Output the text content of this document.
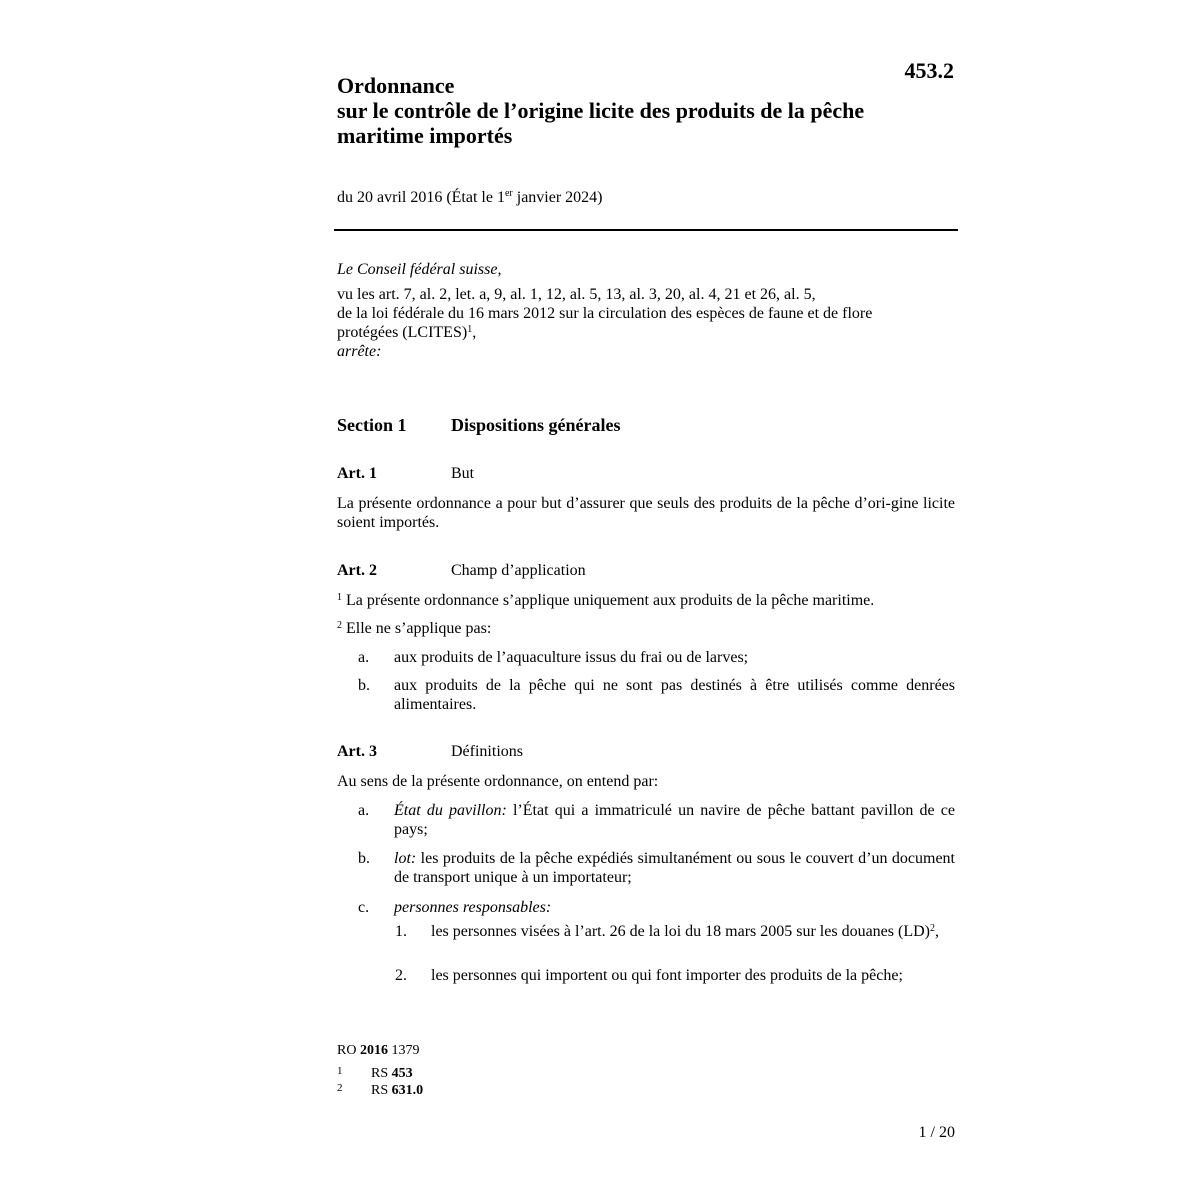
453.2
Ordonnance
sur le contrôle de l’origine licite des produits de la pêche
maritime importés
du 20 avril 2016 (État le 1er janvier 2024)

Le Conseil fédéral suisse,

vu les art. 7, al. 2, let. a, 9, al. 1, 12, al. 5, 13, al. 3, 20, al. 4, 21 et 26, al. 5,

de la loi fédérale du 16 mars 2012 sur la circulation des espèces de faune et de flore

protégées (LCITES)$^1$,

arrête:

Section 1 Dispositions générales
Art. 1	But
La présente ordonnance a pour but d’assurer que seuls des produits de la pêche d’ori-gine licite soient importés.
Art. 2	Champ d’application
$^1$ La présente ordonnance s’applique uniquement aux produits de la pêche maritime.
$^2$ Elle ne s’applique pas:
a. aux produits de l’aquaculture issus du frai ou de larves;
b. aux produits de la pêche qui ne sont pas destinés à être utilisés comme denrées alimentaires.
Art. 3	Définitions
Au sens de la présente ordonnance, on entend par:
a. État du pavillon: l’État qui a immatriculé un navire de pêche battant pavillon de ce pays;
b. lot: les produits de la pêche expédiés simultanément ou sous le couvert d’un document de transport unique à un importateur;
c. personnes responsables:
1. les personnes visées à l’art. 26 de la loi du 18 mars 2005 sur les douanes (LD)$^2$,
2. les personnes qui importent ou qui font importer des produits de la pêche;
RO 2016 1379
1 RS 453
2 RS 631.0
1 / 20
